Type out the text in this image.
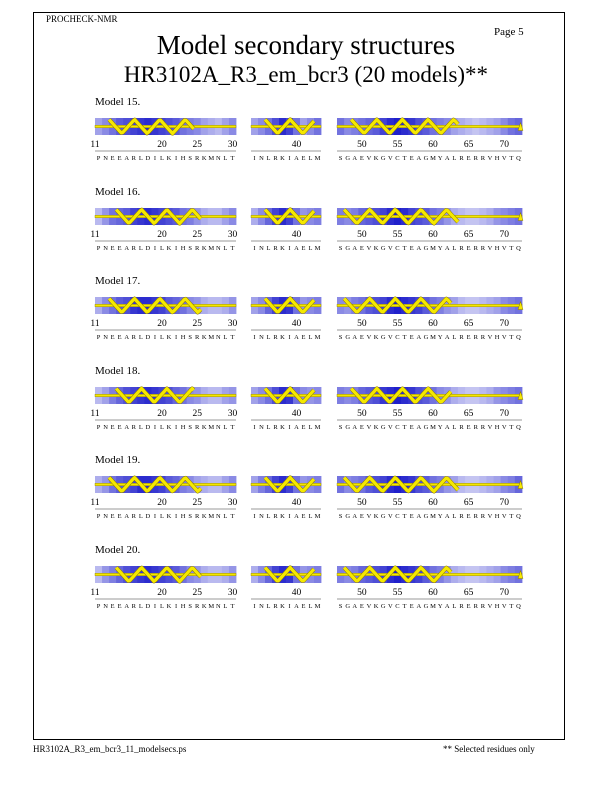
PROCHECK-NMR
Page 5
Model secondary structures
HR3102A_R3_em_bcr3 (20 models)**
Model 15.
11	20	25	30
P N E E A R L D I L K I H S R K M N L T
40
I N L R K I A E L M
50	55	60	65	70
S G A E V K G V C T E A G M Y A L R E R R V H V T Q
Model 16.
11	20	25	30
P N E E A R L D I L K I H S R K M N L T
40
I N L R K I A E L M
50	55	60	65	70
S G A E V K G V C T E A G M Y A L R E R R V H V T Q
Model 17.
11	20	25	30
P N E E A R L D I L K I H S R K M N L T
40
I N L R K I A E L M
50	55	60	65	70
S G A E V K G V C T E A G M Y A L R E R R V H V T Q
Model 18.
11	20	25	30
P N E E A R L D I L K I H S R K M N L T
40
I N L R K I A E L M
50	55	60	65	70
S G A E V K G V C T E A G M Y A L R E R R V H V T Q
Model 19.
11	20	25	30
P N E E A R L D I L K I H S R K M N L T
40
I N L R K I A E L M
50	55	60	65	70
S G A E V K G V C T E A G M Y A L R E R R V H V T Q
Model 20.
11	20	25	30
P N E E A R L D I L K I H S R K M N L T
40
I N L R K I A E L M
50	55	60	65	70
S G A E V K G V C T E A G M Y A L R E R R V H V T Q
HR3102A_R3_em_bcr3_11_modelsecs.ps	** Selected residues only
